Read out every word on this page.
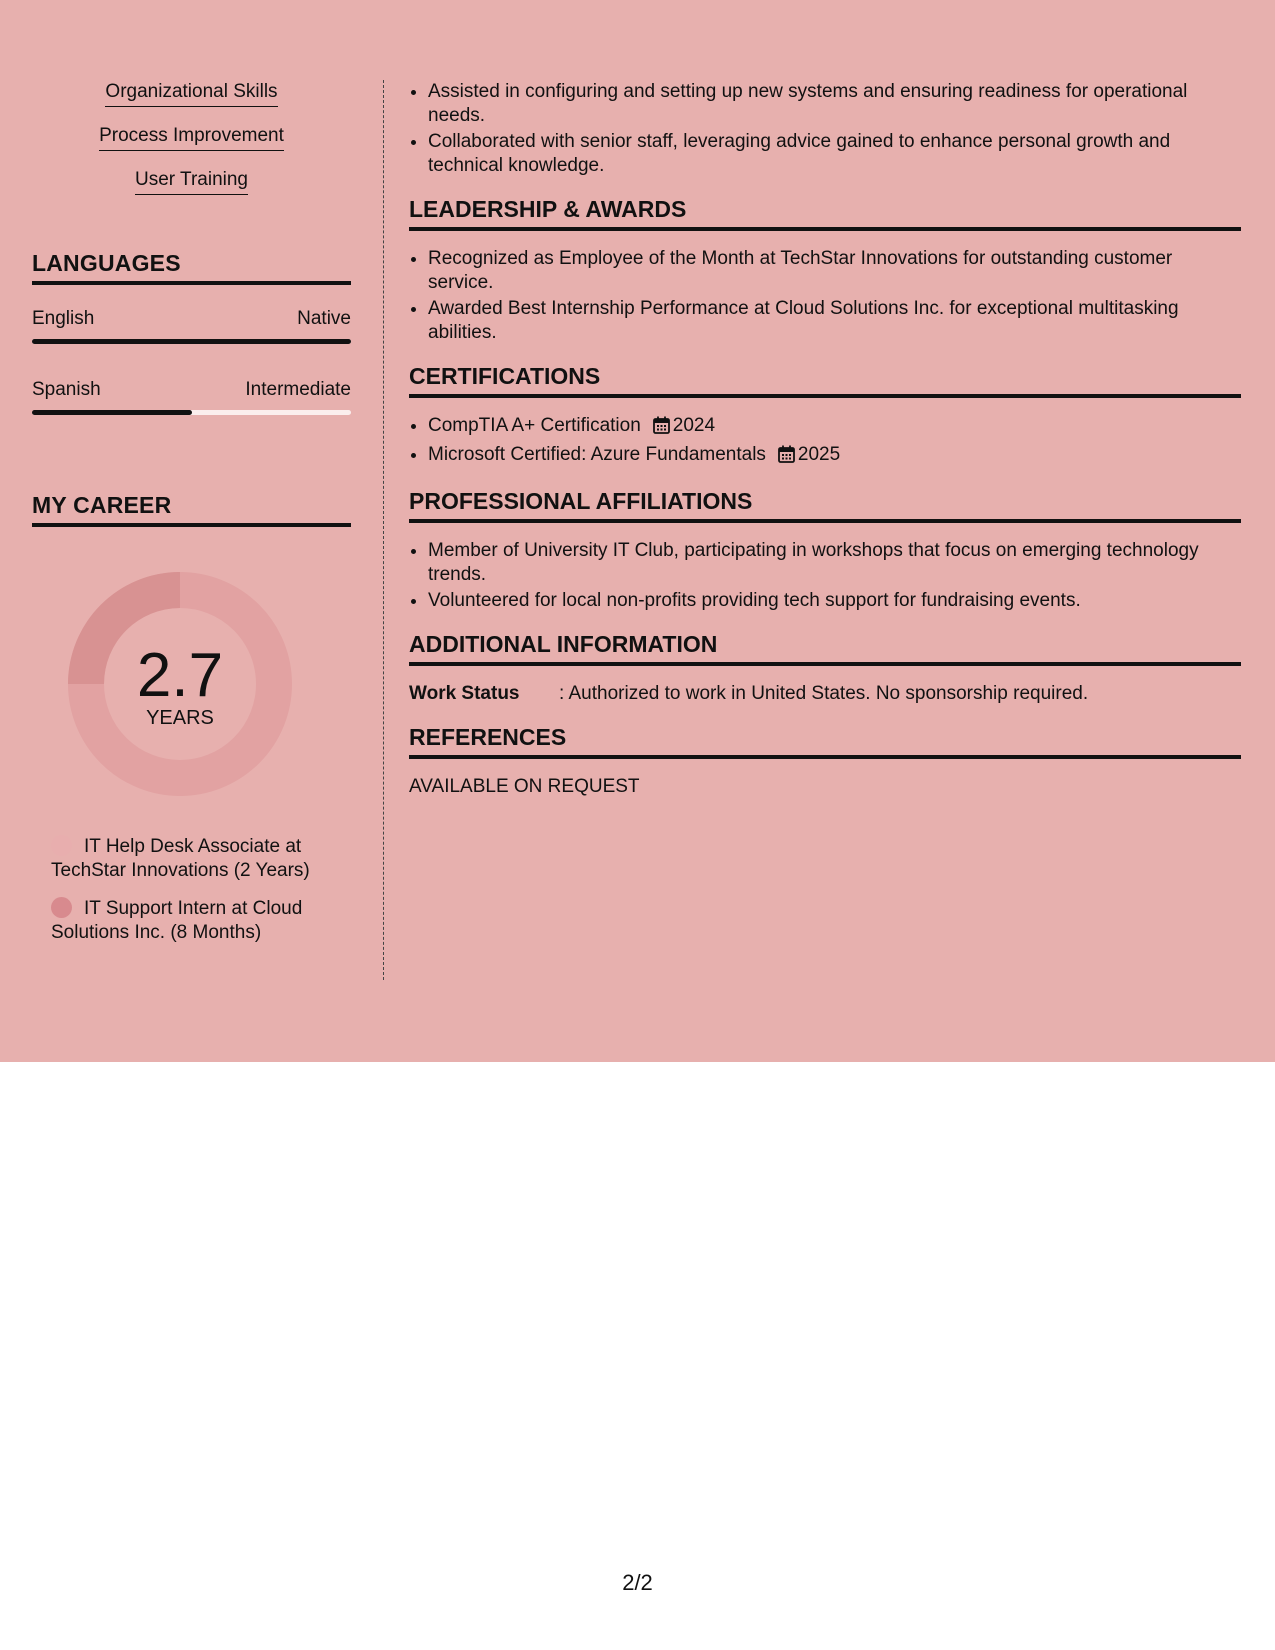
Organizational Skills
Process Improvement
User Training
LANGUAGES
English	Native
Spanish	Intermediate
MY CAREER
2.7
YEARS
IT Help Desk Associate at TechStar Innovations (2 Years)
IT Support Intern at Cloud Solutions Inc. (8 Months)
• Assisted in configuring and setting up new systems and ensuring readiness for operational needs.
• Collaborated with senior staff, leveraging advice gained to enhance personal growth and technical knowledge.
LEADERSHIP & AWARDS
• Recognized as Employee of the Month at TechStar Innovations for outstanding customer service.
• Awarded Best Internship Performance at Cloud Solutions Inc. for exceptional multitasking abilities.
CERTIFICATIONS
• CompTIA A+ Certification 2024
• Microsoft Certified: Azure Fundamentals 2025
PROFESSIONAL AFFILIATIONS
• Member of University IT Club, participating in workshops that focus on emerging technology trends.
• Volunteered for local non-profits providing tech support for fundraising events.
ADDITIONAL INFORMATION
Work Status : Authorized to work in United States. No sponsorship required.
REFERENCES
AVAILABLE ON REQUEST
2/2
